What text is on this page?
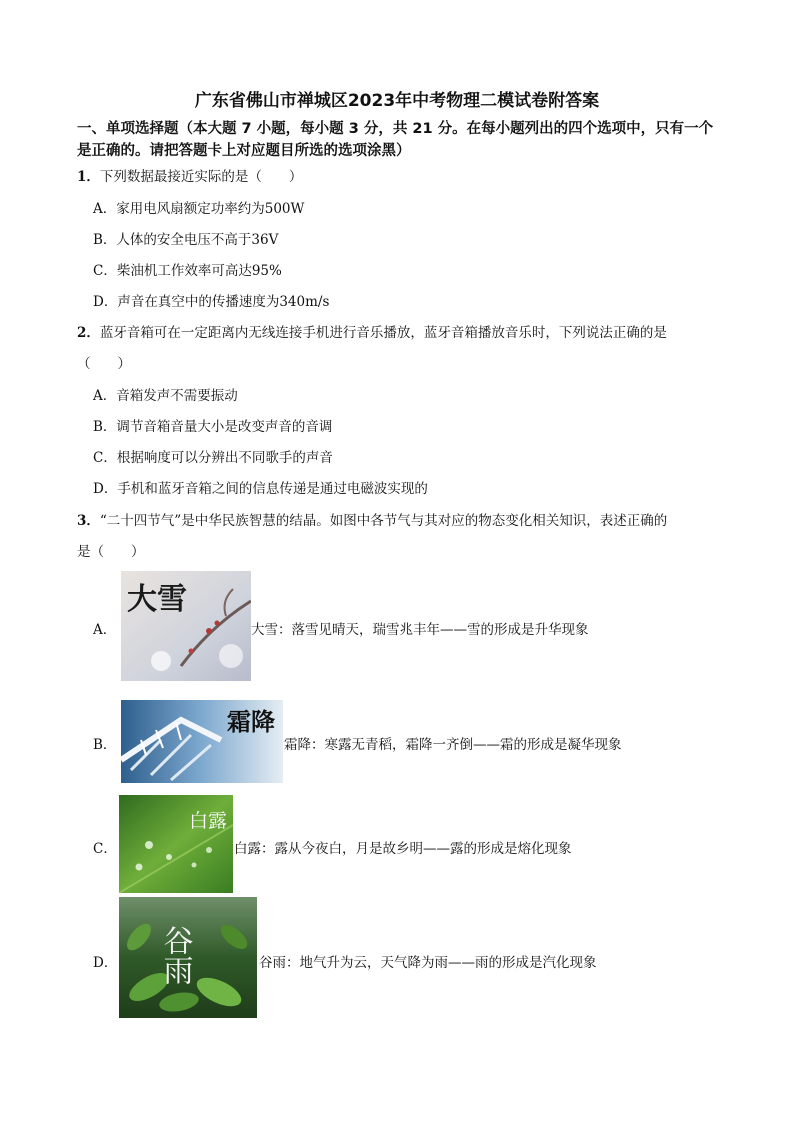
广东省佛山市禅城区2023年中考物理二模试卷附答案
一、单项选择题（本大题 7 小题，每小题 3 分，共 21 分。在每小题列出的四个选项中，只有一个是正确的。请把答题卡上对应题目所选的选项涂黑）
1．下列数据最接近实际的是（　　）
A．家用电风扇额定功率约为500W
B．人体的安全电压不高于36V
C．柴油机工作效率可高达95%
D．声音在真空中的传播速度为340m/s
2．蓝牙音箱可在一定距离内无线连接手机进行音乐播放，蓝牙音箱播放音乐时，下列说法正确的是
（　　）
A．音箱发声不需要振动
B．调节音箱音量大小是改变声音的音调
C．根据响度可以分辨出不同歌手的声音
D．手机和蓝牙音箱之间的信息传递是通过电磁波实现的
3．“二十四节气”是中华民族智慧的结晶。如图中各节气与其对应的物态变化相关知识，表述正确的
是（　　）
A．
大雪
大雪：落雪见晴天，瑞雪兆丰年——雪的形成是升华现象
B．
霜降
霜降：寒露无青稻，霜降一齐倒——霜的形成是凝华现象
C．
白露
白露：露从今夜白，月是故乡明——露的形成是熔化现象
D． 谷雨	谷雨：地气升为云，天气降为雨——雨的形成是汽化现象
